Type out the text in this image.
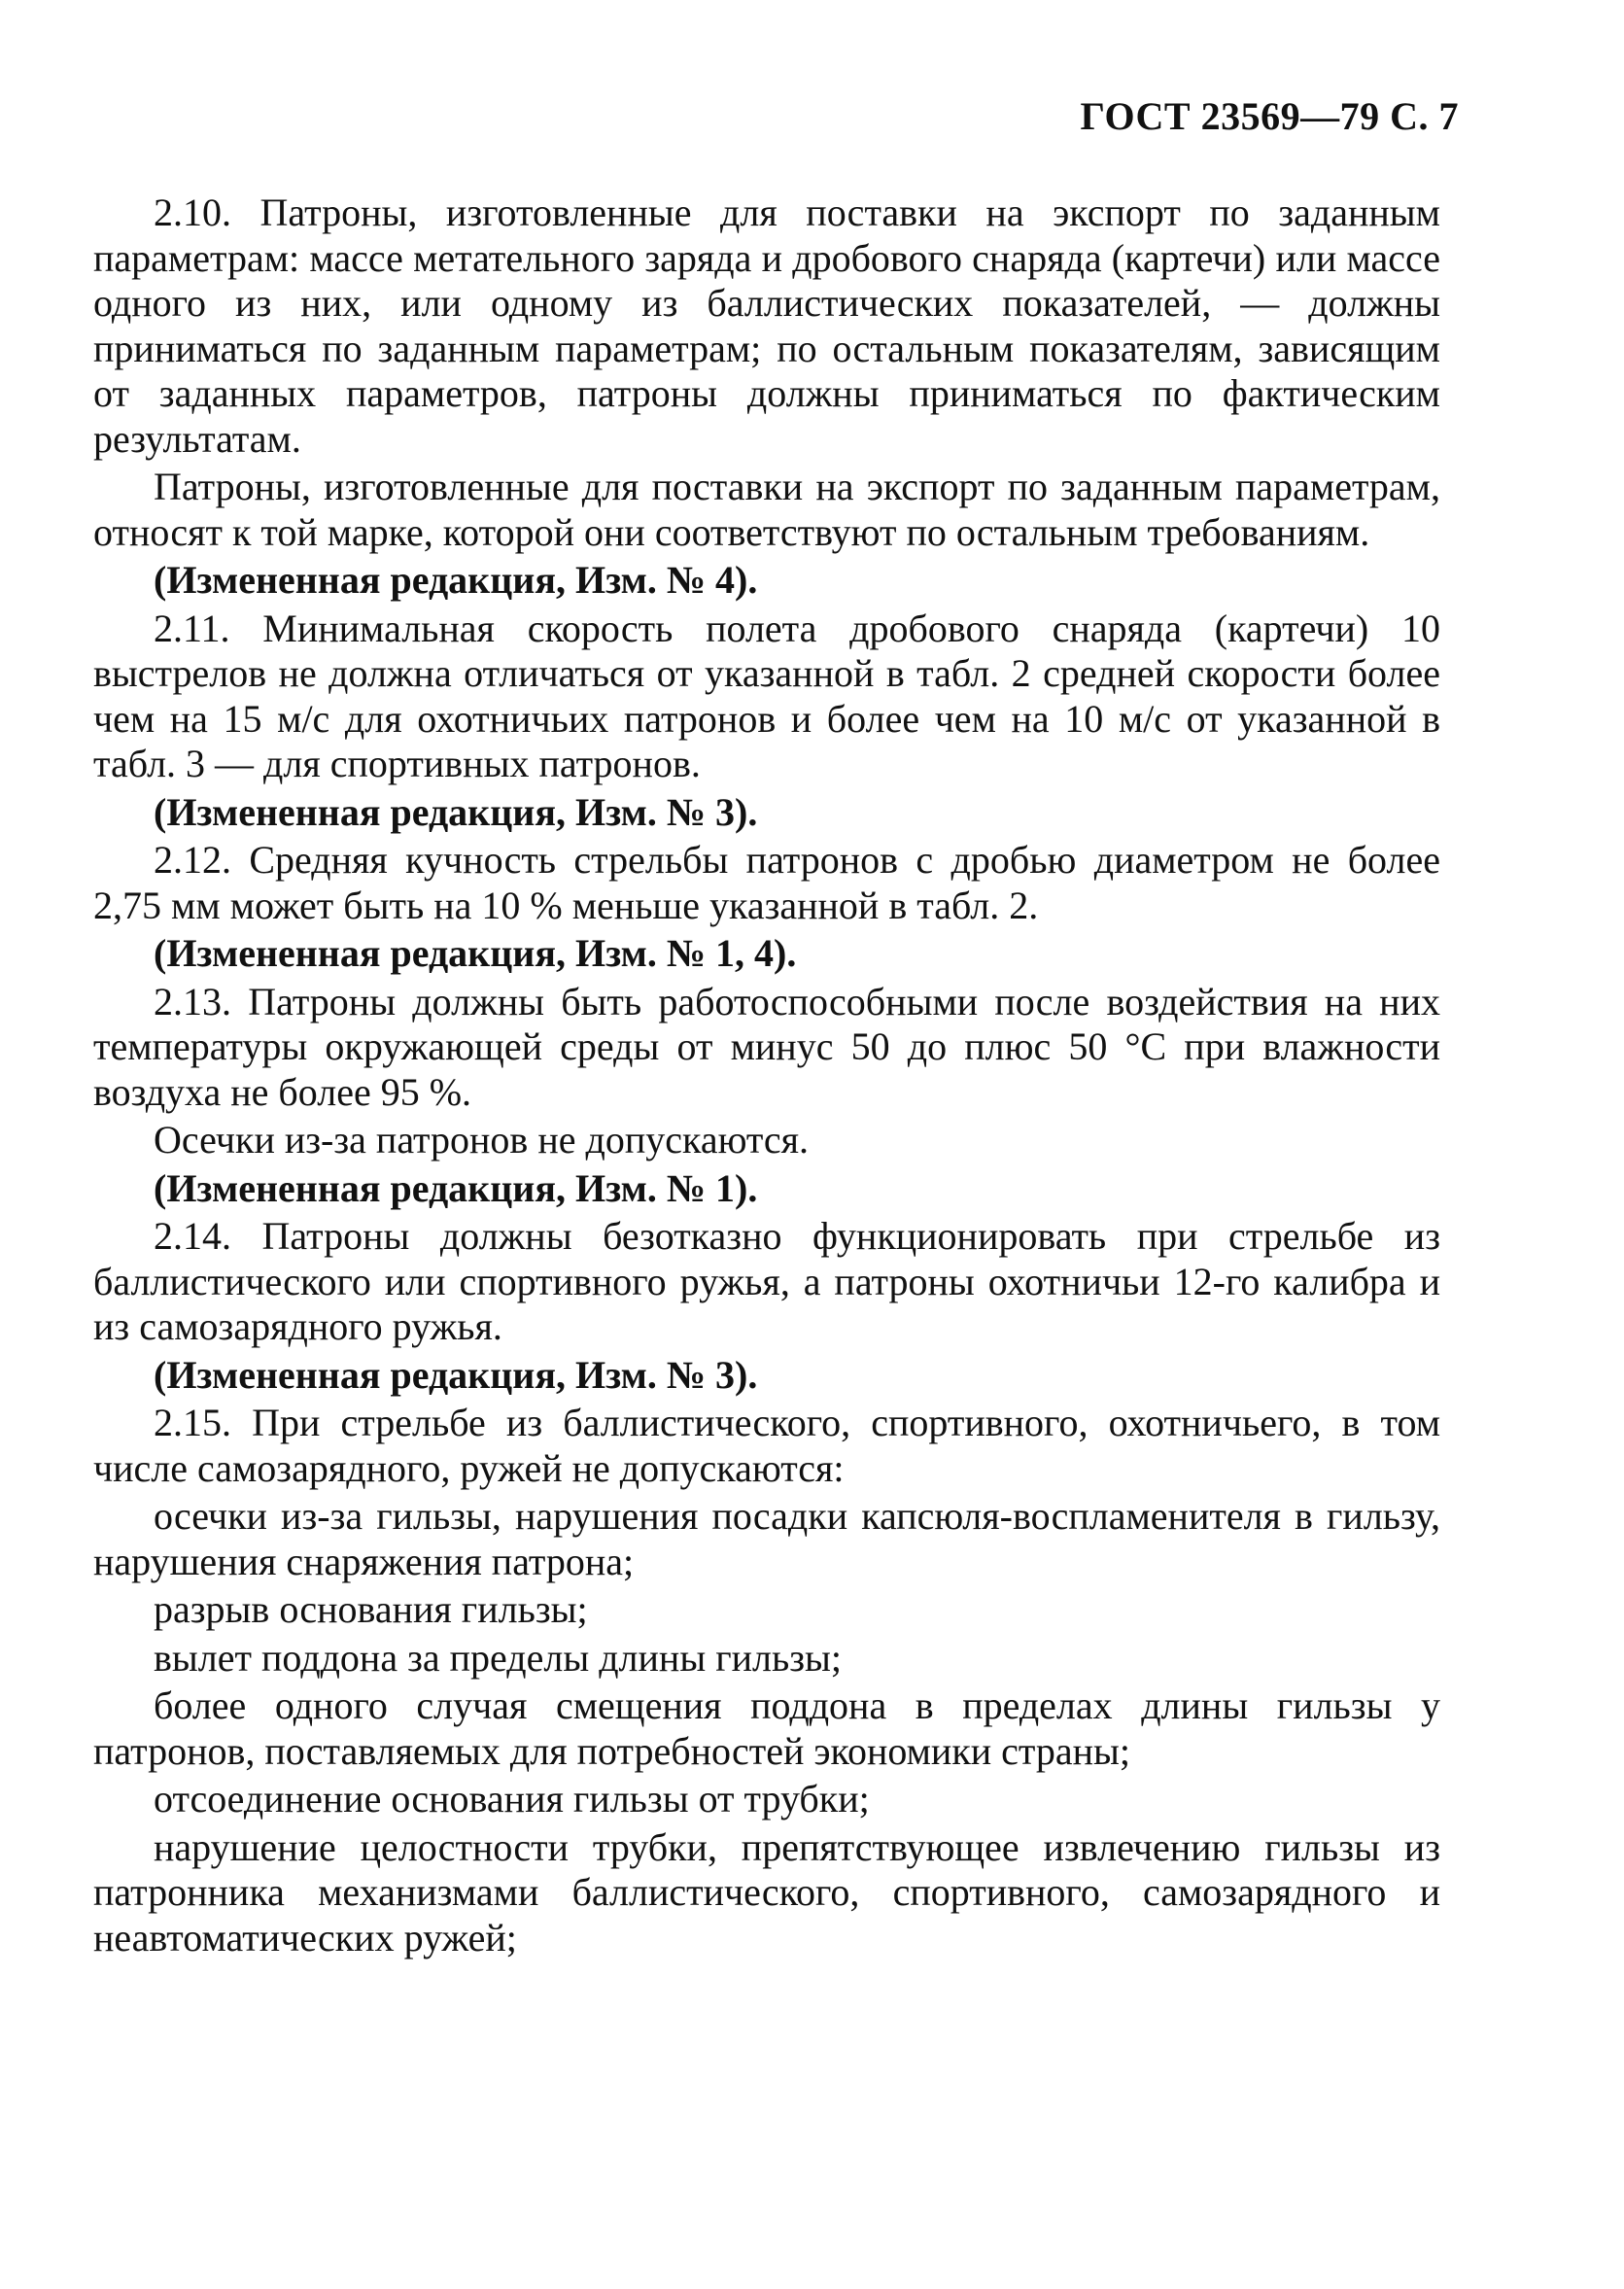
ГОСТ 23569—79 С. 7

2.10. Патроны, изготовленные для поставки на экспорт по заданным параметрам: массе метательного заряда и дробового снаряда (картечи) или массе одного из них, или одному из баллистических показателей, — должны приниматься по заданным параметрам; по остальным показателям, зависящим от заданных параметров, патроны должны приниматься по фактическим результатам.

Патроны, изготовленные для поставки на экспорт по заданным параметрам, относят к той марке, которой они соответствуют по остальным требованиям.

(Измененная редакция, Изм. № 4).

2.11. Минимальная скорость полета дробового снаряда (картечи) 10 выстрелов не должна отличаться от указанной в табл. 2 средней скорости более чем на 15 м/с для охотничьих патронов и более чем на 10 м/с от указанной в табл. 3 — для спортивных патронов.

(Измененная редакция, Изм. № 3).

2.12. Средняя кучность стрельбы патронов с дробью диаметром не более 2,75 мм может быть на 10 % меньше указанной в табл. 2.

(Измененная редакция, Изм. № 1, 4).

2.13. Патроны должны быть работоспособными после воздействия на них температуры окружающей среды от минус 50 до плюс 50 °С при влажности воздуха не более 95 %.

Осечки из-за патронов не допускаются.

(Измененная редакция, Изм. № 1).

2.14. Патроны должны безотказно функционировать при стрельбе из баллистического или спортивного ружья, а патроны охотничьи 12-го калибра и из самозарядного ружья.

(Измененная редакция, Изм. № 3).

2.15. При стрельбе из баллистического, спортивного, охотничьего, в том числе самозарядного, ружей не допускаются:

осечки из-за гильзы, нарушения посадки капсюля-воспламенителя в гильзу, нарушения снаряжения патрона;

разрыв основания гильзы;

вылет поддона за пределы длины гильзы;

более одного случая смещения поддона в пределах длины гильзы у патронов, поставляемых для потребностей экономики страны;

отсоединение основания гильзы от трубки;

нарушение целостности трубки, препятствующее извлечению гильзы из патронника механизмами баллистического, спортивного, самозарядного и неавтоматических ружей;
